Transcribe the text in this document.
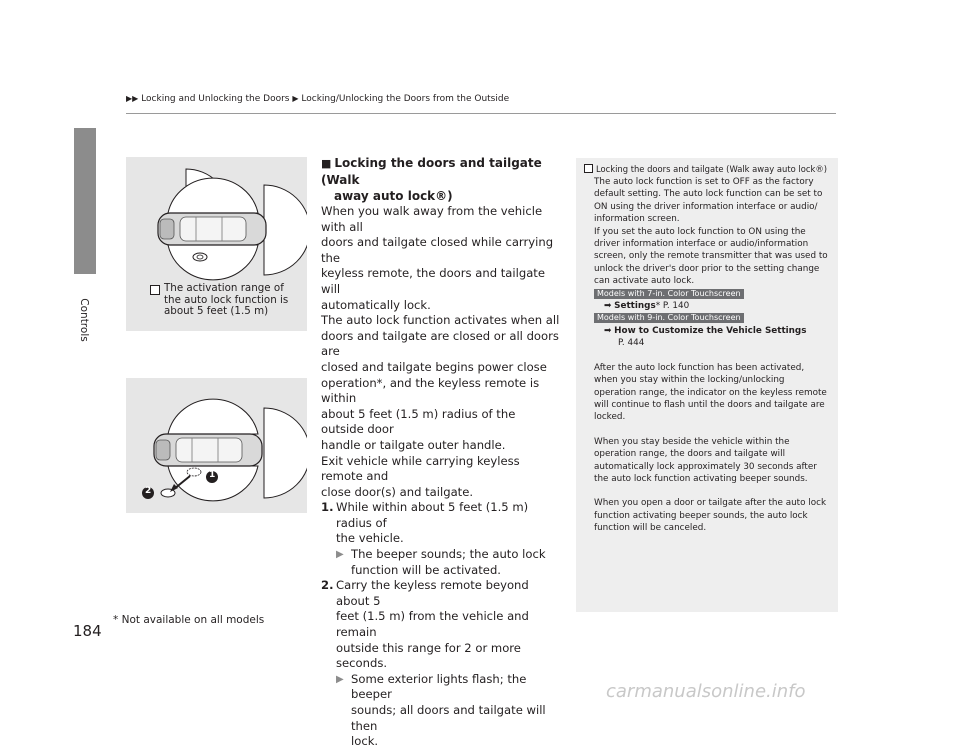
Controls
▶▶ Locking and Unlocking the Doors ▶ Locking/Unlocking the Doors from the Outside
The activation range of
the auto lock function is
about 5 feet (1.5 m)
1
2

■ Locking the doors and tailgate (Walk
away auto lock®)

When you walk away from the vehicle with all
doors and tailgate closed while carrying the
keyless remote, the doors and tailgate will
automatically lock.

The auto lock function activates when all
doors and tailgate are closed or all doors are
closed and tailgate begins power close
operation*, and the keyless remote is within
about 5 feet (1.5 m) radius of the outside door
handle or tailgate outer handle.

Exit vehicle while carrying keyless remote and
close door(s) and tailgate.

1. While within about 5 feet (1.5 m) radius of
the vehicle.
▶ The beeper sounds; the auto lock
function will be activated.
2. Carry the keyless remote beyond about 5
feet (1.5 m) from the vehicle and remain
outside this range for 2 or more seconds.
▶ Some exterior lights flash; the beeper
sounds; all doors and tailgate will then
lock.
Locking the doors and tailgate (Walk away auto lock®)

The auto lock function is set to OFF as the factory
default setting. The auto lock function can be set to
ON using the driver information interface or audio/
information screen.
If you set the auto lock function to ON using the
driver information interface or audio/information
screen, only the remote transmitter that was used to
unlock the driver's door prior to the setting change
can activate auto lock.

Models with 7-in. Color Touchscreen
➡ Settings* P. 140
Models with 9-in. Color Touchscreen
➡ How to Customize the Vehicle Settings
P. 444

After the auto lock function has been activated,
when you stay within the locking/unlocking
operation range, the indicator on the keyless remote
will continue to flash until the doors and tailgate are
locked.

When you stay beside the vehicle within the
operation range, the doors and tailgate will
automatically lock approximately 30 seconds after
the auto lock function activating beeper sounds.

When you open a door or tailgate after the auto lock
function activating beeper sounds, the auto lock
function will be canceled.

184
* Not available on all models
carmanualsonline.info
